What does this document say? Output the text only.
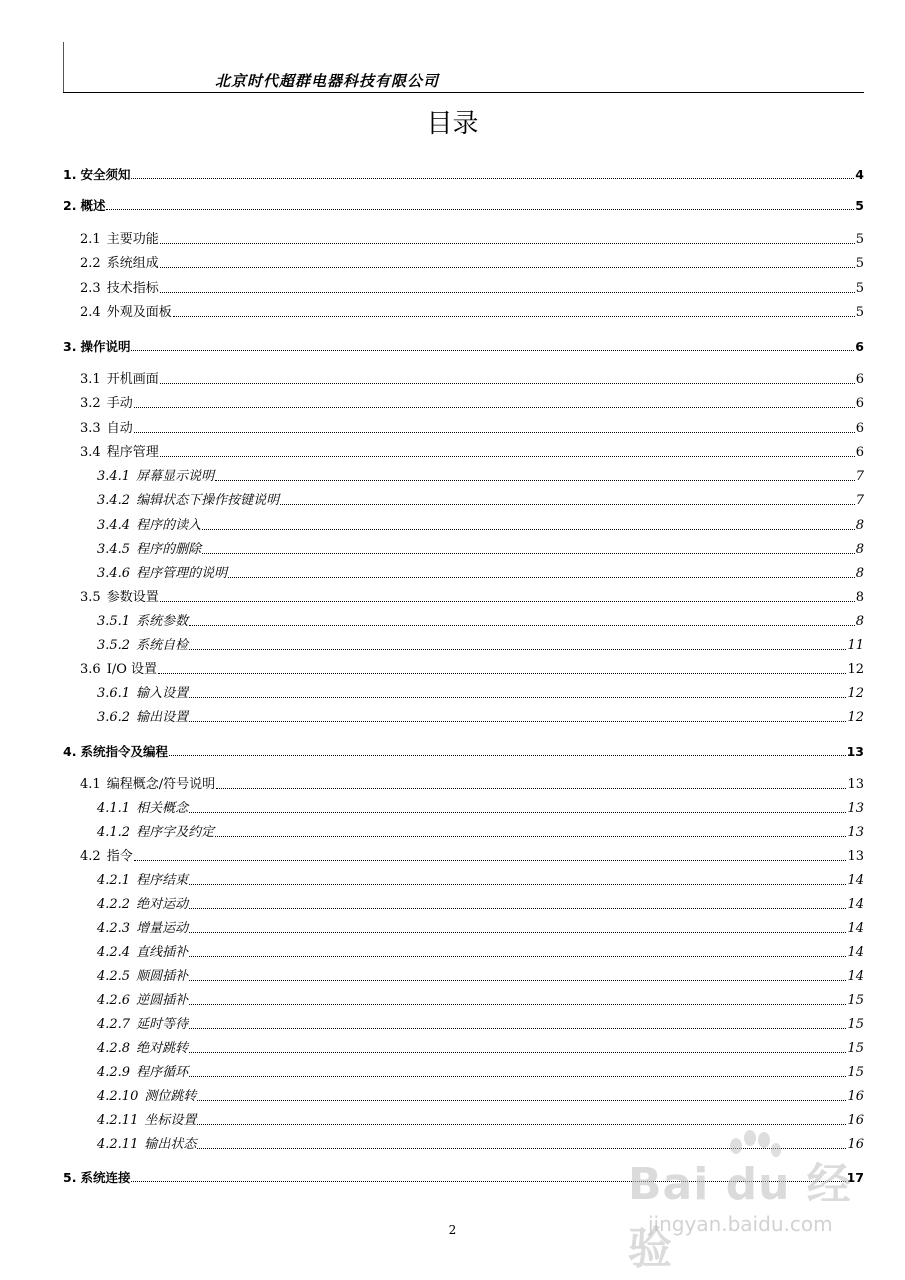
北京时代超群电器科技有限公司
目录
1. 安全须知	4
2. 概述	5
2.1 主要功能	5
2.2 系统组成	5
2.3 技术指标	5
2.4 外观及面板	5
3. 操作说明	6
3.1 开机画面	6
3.2 手动	6
3.3 自动	6
3.4 程序管理	6
3.4.1 屏幕显示说明	7
3.4.2 编辑状态下操作按键说明	7
3.4.4 程序的读入	8
3.4.5 程序的删除	8
3.4.6 程序管理的说明	8
3.5 参数设置	8
3.5.1 系统参数	8
3.5.2 系统自检	11
3.6 I/O 设置	12
3.6.1 输入设置	12
3.6.2 输出设置	12
4. 系统指令及编程	13
4.1 编程概念/符号说明	13
4.1.1 相关概念	13
4.1.2 程序字及约定	13
4.2 指令	13
4.2.1 程序结束	14
4.2.2 绝对运动	14
4.2.3 增量运动	14
4.2.4 直线插补	14
4.2.5 顺圆插补	14
4.2.6 逆圆插补	15
4.2.7 延时等待	15
4.2.8 绝对跳转	15
4.2.9 程序循环	15
4.2.10 测位跳转	16
4.2.11 坐标设置	16
4.2.11 输出状态	16
5. 系统连接	17
2
Bai du 经验
jingyan.baidu.com
